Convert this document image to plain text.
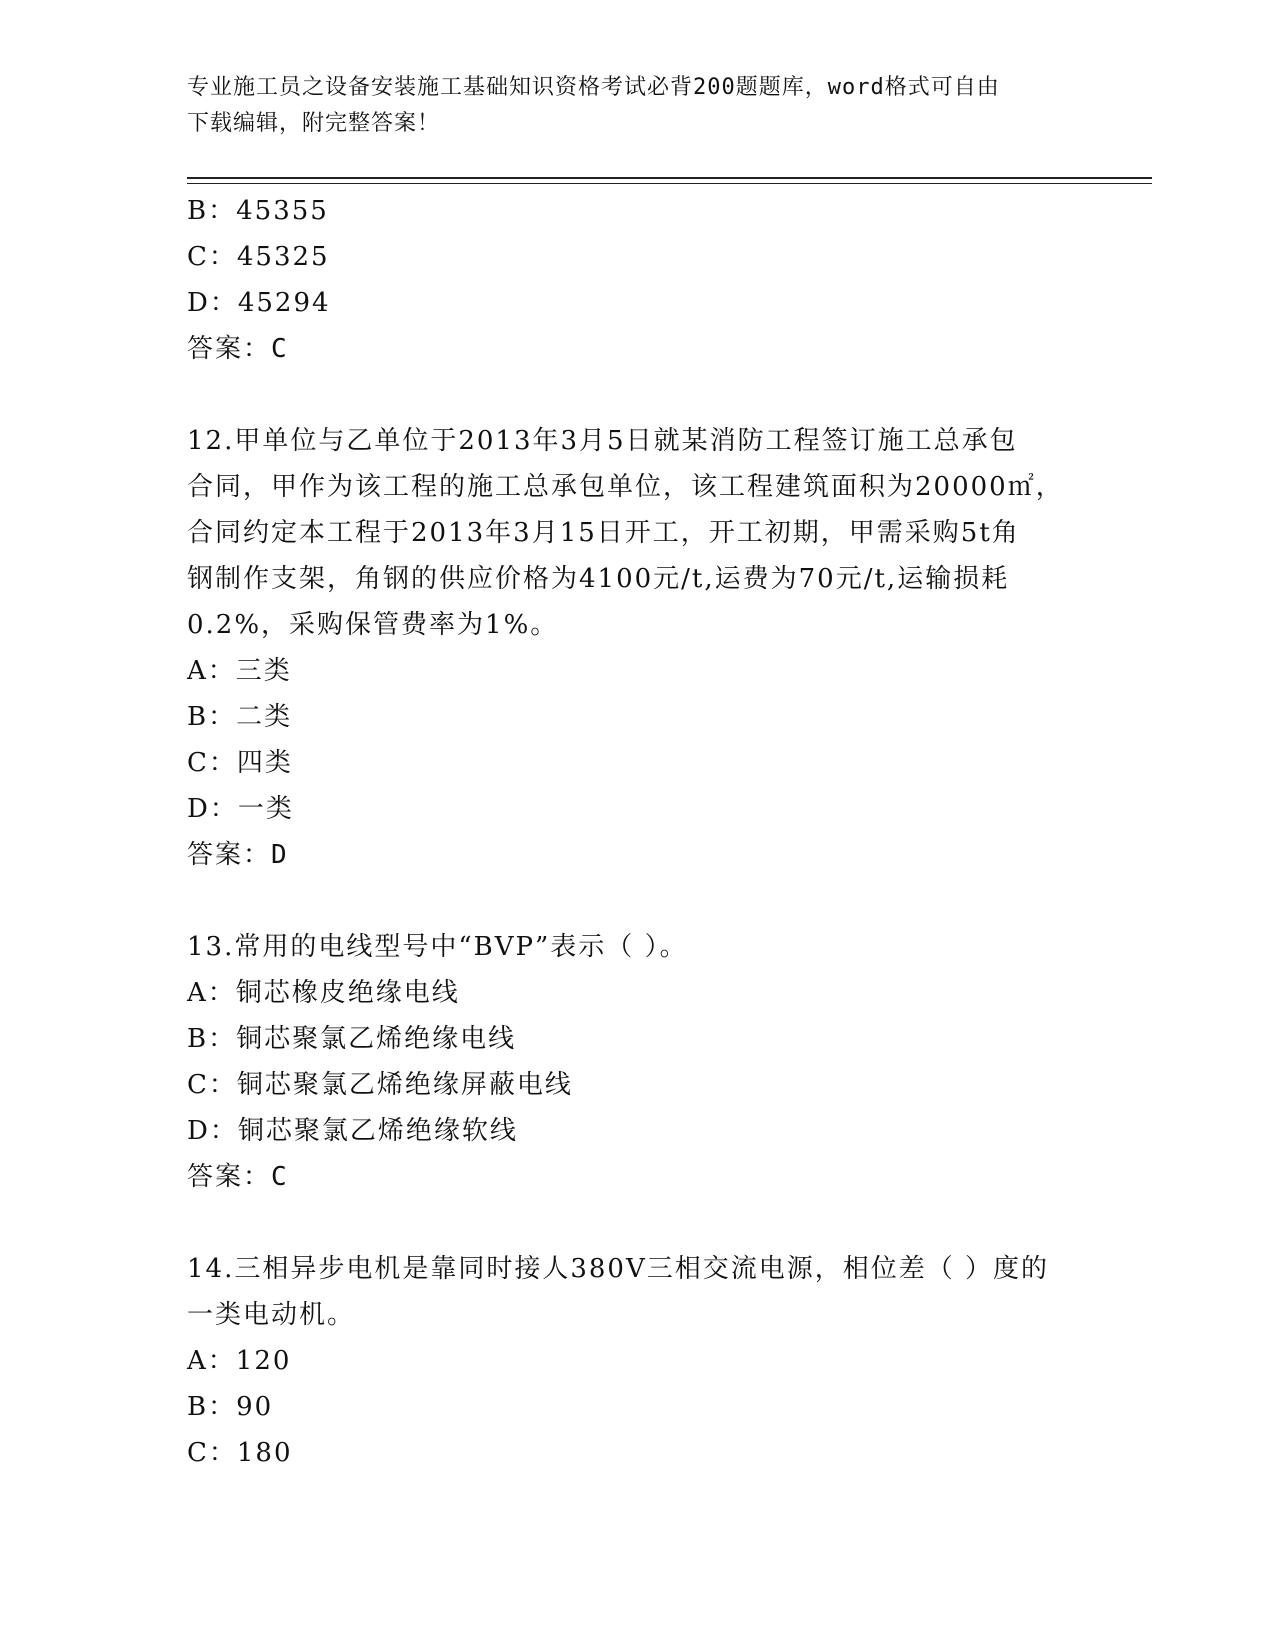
专业施工员之设备安装施工基础知识资格考试必背200题题库，word格式可自由
下载编辑，附完整答案！
B：45355
C：45325
D：45294
答案：C
12.甲单位与乙单位于2013年3月5日就某消防工程签订施工总承包
合同，甲作为该工程的施工总承包单位，该工程建筑面积为20000㎡，
合同约定本工程于2013年3月15日开工，开工初期，甲需采购5t角
钢制作支架，角钢的供应价格为4100元/t,运费为70元/t,运输损耗
0.2%，采购保管费率为1%。
A：三类
B：二类
C：四类
D：一类
答案：D
13.常用的电线型号中“BVP”表示（ ）。
A：铜芯橡皮绝缘电线
B：铜芯聚氯乙烯绝缘电线
C：铜芯聚氯乙烯绝缘屏蔽电线
D：铜芯聚氯乙烯绝缘软线
答案：C
14.三相异步电机是靠同时接人380V三相交流电源，相位差（ ）度的
一类电动机。
A：120
B：90
C：180
